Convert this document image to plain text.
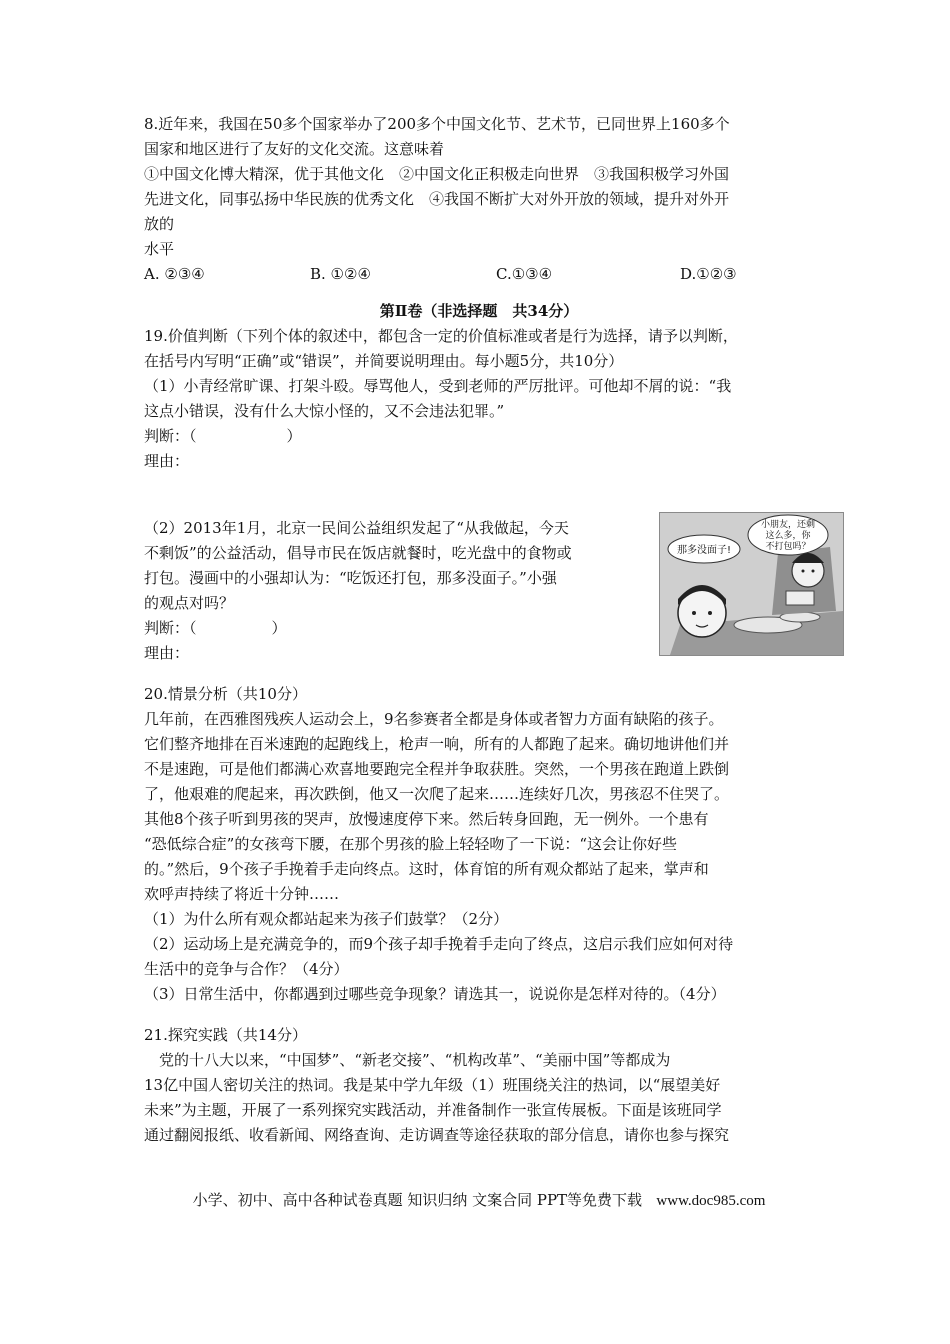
8.近年来，我国在50多个国家举办了200多个中国文化节、艺术节，已同世界上160多个
国家和地区进行了友好的文化交流。这意味着
①中国文化博大精深，优于其他文化　②中国文化正积极走向世界　③我国积极学习外国
先进文化，同事弘扬中华民族的优秀文化　④我国不断扩大对外开放的领域，提升对外开
放的
水平
A. ②③④	B. ①②④	C.①③④	D.①②③
第Ⅱ卷（非选择题　共34分）
19.价值判断（下列个体的叙述中，都包含一定的价值标准或者是行为选择，请予以判断，
在括号内写明“正确”或“错误”，并简要说明理由。每小题5分，共10分）
（1）小青经常旷课、打架斗殴。辱骂他人，受到老师的严厉批评。可他却不屑的说：“我
这点小错误，没有什么大惊小怪的，又不会违法犯罪。”
判断：（　　　　　　）
理由：
（2）2013年1月，北京一民间公益组织发起了“从我做起，今天
不剩饭”的公益活动，倡导市民在饭店就餐时，吃光盘中的食物或
打包。漫画中的小强却认为：“吃饭还打包，那多没面子。”小强
的观点对吗？
判断：（　　　　　）
理由：
那多没面子!
小朋友，还剩
这么多，你
不打包吗？
20.情景分析（共10分）
几年前，在西雅图残疾人运动会上，9名参赛者全都是身体或者智力方面有缺陷的孩子。
它们整齐地排在百米速跑的起跑线上，枪声一响，所有的人都跑了起来。确切地讲他们并
不是速跑，可是他们都满心欢喜地要跑完全程并争取获胜。突然，一个男孩在跑道上跌倒
了，他艰难的爬起来，再次跌倒，他又一次爬了起来……连续好几次，男孩忍不住哭了。
其他8个孩子听到男孩的哭声，放慢速度停下来。然后转身回跑，无一例外。一个患有
“恐低综合症”的女孩弯下腰，在那个男孩的脸上轻轻吻了一下说：“这会让你好些
的。”然后，9个孩子手挽着手走向终点。这时，体育馆的所有观众都站了起来，掌声和
欢呼声持续了将近十分钟……
（1）为什么所有观众都站起来为孩子们鼓掌？（2分）
（2）运动场上是充满竞争的，而9个孩子却手挽着手走向了终点，这启示我们应如何对待
生活中的竞争与合作？（4分）
（3）日常生活中，你都遇到过哪些竞争现象？请选其一，说说你是怎样对待的。（4分）
21.探究实践（共14分）
　党的十八大以来，“中国梦”、“新老交接”、“机构改革”、“美丽中国”等都成为
13亿中国人密切关注的热词。我是某中学九年级（1）班围绕关注的热词，以“展望美好
未来”为主题，开展了一系列探究实践活动，并准备制作一张宣传展板。下面是该班同学
通过翻阅报纸、收看新闻、网络查询、走访调查等途径获取的部分信息，请你也参与探究
小学、初中、高中各种试卷真题 知识归纳 文案合同 PPT等免费下载 www.doc985.com
